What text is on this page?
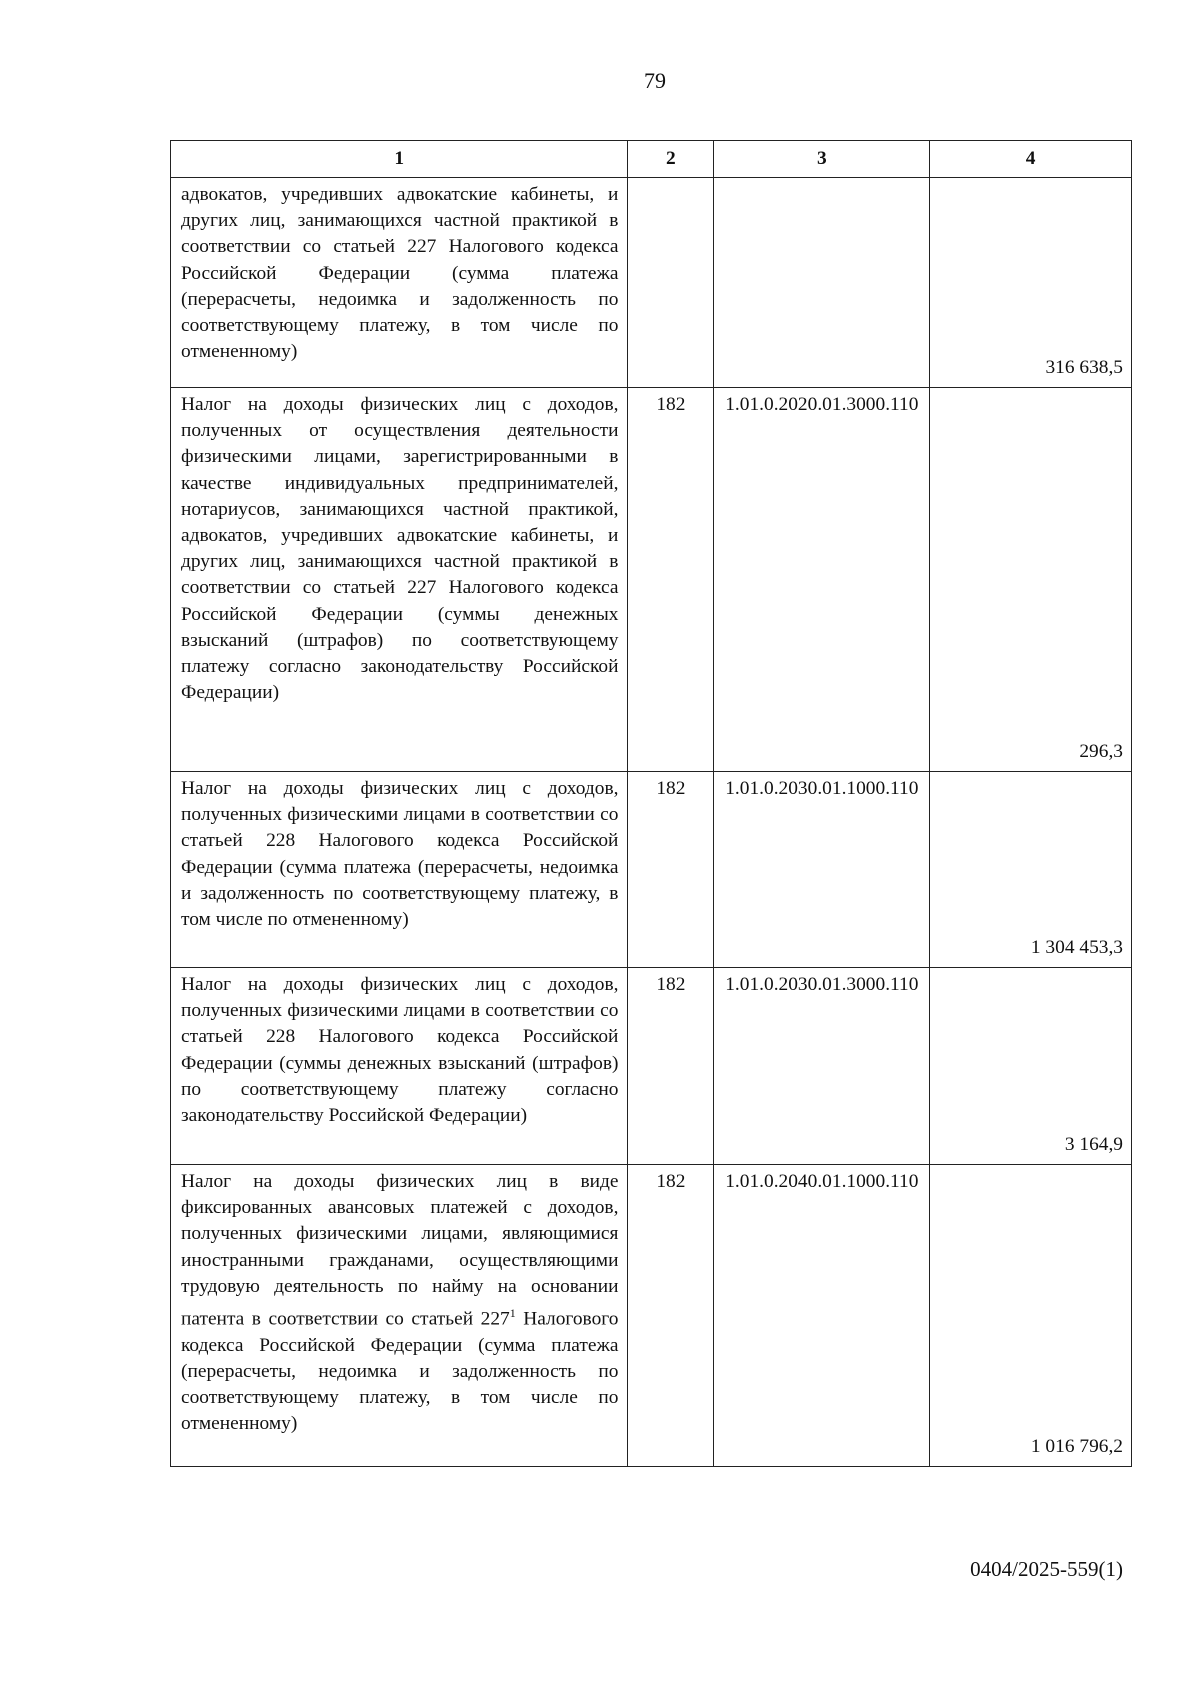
79
1	2	3	4
адвокатов, учредивших адвокатские кабинеты, и других лиц, занимающихся частной практикой в соответствии со статьей 227 Налогового кодекса Российской Федерации (сумма платежа (перерасчеты, недоимка и задолженность по соответствующему платежу, в том числе по отмененному)			316 638,5
Налог на доходы физических лиц с доходов, полученных от осуществления деятельности физическими лицами, зарегистрированными в качестве индивидуальных предпринимателей, нотариусов, занимающихся частной практикой, адвокатов, учредивших адвокатские кабинеты, и других лиц, занимающихся частной практикой в соответствии со статьей 227 Налогового кодекса Российской Федерации (суммы денежных взысканий (штрафов) по соответствующему платежу согласно законодательству Российской Федерации)	182	1.01.0.2020.01.3000.110	296,3
Налог на доходы физических лиц с доходов, полученных физическими лицами в соответствии со статьей 228 Налогового кодекса Российской Федерации (сумма платежа (перерасчеты, недоимка и задолженность по соответствующему платежу, в том числе по отмененному)	182	1.01.0.2030.01.1000.110	1 304 453,3
Налог на доходы физических лиц с доходов, полученных физическими лицами в соответствии со статьей 228 Налогового кодекса Российской Федерации (суммы денежных взысканий (штрафов) по соответствующему платежу согласно законодательству Российской Федерации)	182	1.01.0.2030.01.3000.110	3 164,9
Налог на доходы физических лиц в виде фиксированных авансовых платежей с доходов, полученных физическими лицами, являющимися иностранными гражданами, осуществляющими трудовую деятельность по найму на основании патента в соответствии со статьей $227^1$ Налогового кодекса Российской Федерации (сумма платежа (перерасчеты, недоимка и задолженность по соответствующему платежу, в том числе по отмененному)	182	1.01.0.2040.01.1000.110	1 016 796,2
0404/2025-559(1)
